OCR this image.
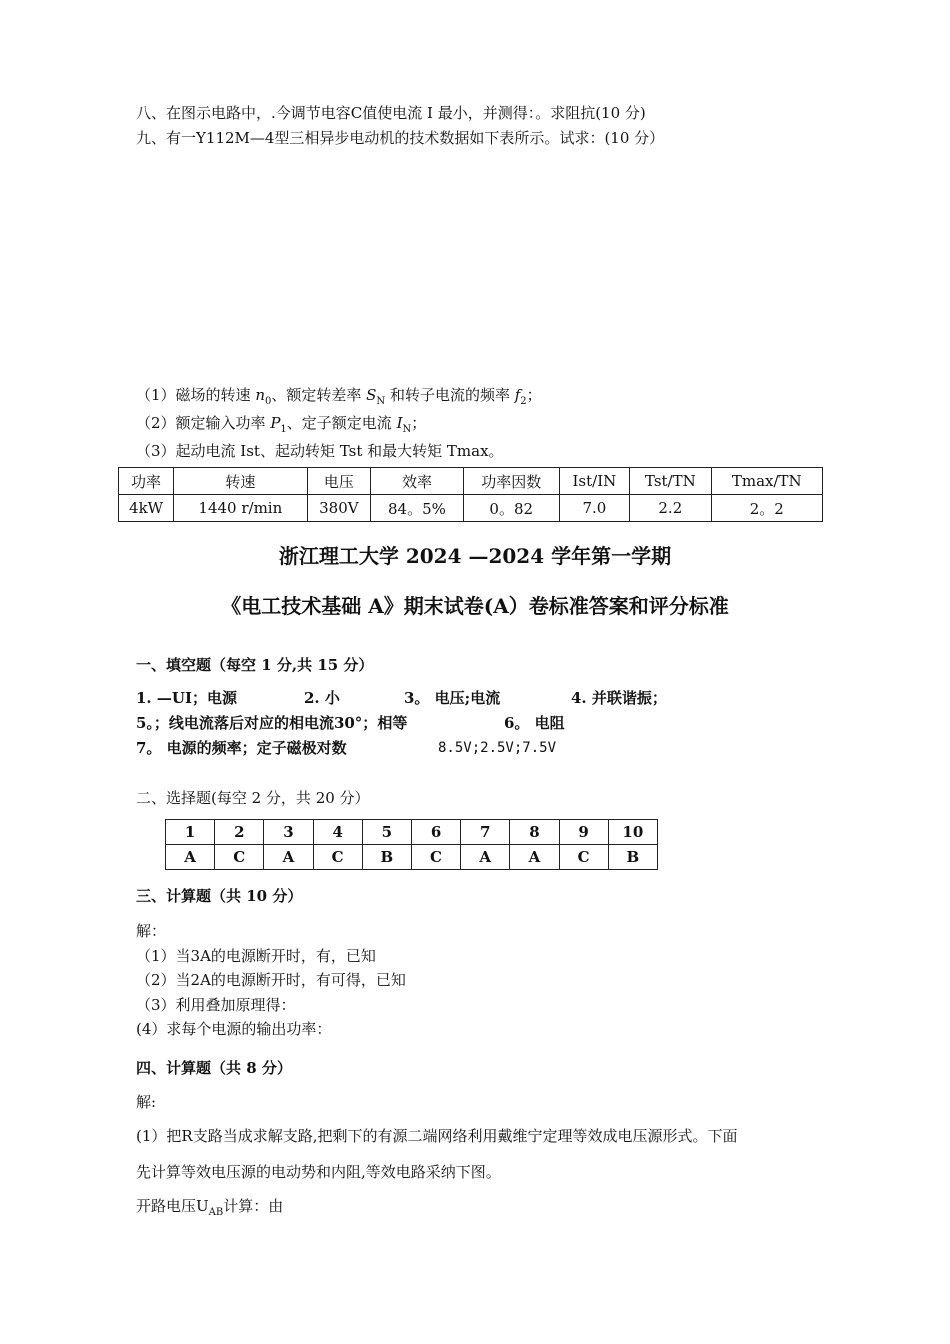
八、在图示电路中，.今调节电容C值使电流 I 最小，并测得：。求阻抗(10 分)
九、有一Y112M—4型三相异步电动机的技术数据如下表所示。试求：(10 分）
（1）磁场的转速 $n_0$、额定转差率 $S_N$ 和转子电流的频率 $f_2$；
（2）额定输入功率 $P_1$、定子额定电流 $I_N$；
（3）起动电流 Ist、起动转矩 Tst 和最大转矩 Tmax。
功率	转速	电压	效率	功率因数	Ist/IN	Tst/TN	Tmax/TN
4kW	1440 r/min	380V	84。5%	0。82	7.0	2.2	2。2
浙江理工大学 2024 —2024 学年第一学期
《电工技术基础 A》期末试卷(A）卷标准答案和评分标准
一、填空题（每空 1 分,共 15 分）
1. —UI；电源	2. 小	3。 电压;电流	4. 并联谐振；
5。；线电流落后对应的相电流30°；相等	6。 电阻
7。 电源的频率；定子磁极对数	8.5V;2.5V;7.5V
二、选择题(每空 2 分，共 20 分）
1	2	3	4	5	6	7	8	9	10
A	C	A	C	B	C	A	A	C	B
三、计算题（共 10 分）
解：
（1）当3A的电源断开时，有，已知
（2）当2A的电源断开时，有可得，已知
（3）利用叠加原理得：
(4）求每个电源的输出功率：
四、计算题（共 8 分）
解:
(1）把R支路当成求解支路,把剩下的有源二端网络利用戴维宁定理等效成电压源形式。下面
先计算等效电压源的电动势和内阻,等效电路采纳下图。
开路电压$U_{AB}$计算：由
